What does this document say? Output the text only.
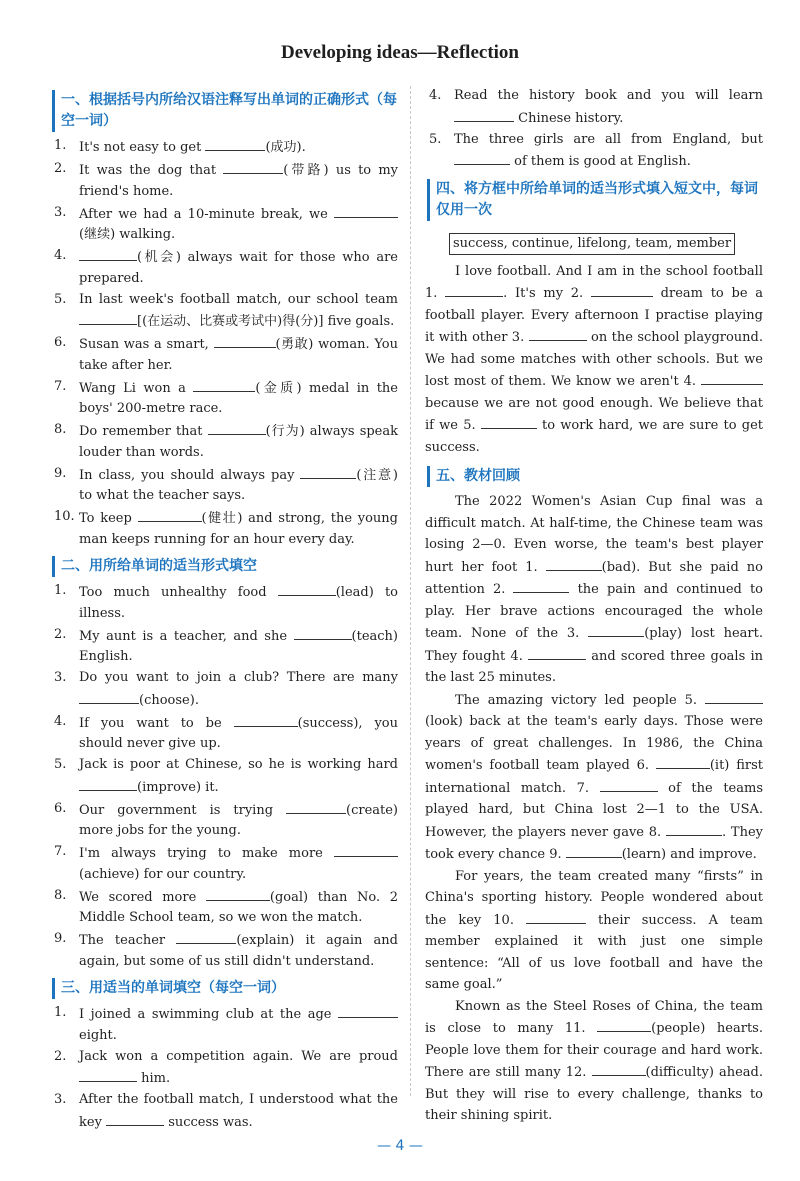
Developing ideas—Reflection
一、根据括号内所给汉语注释写出单词的正确形式（每空一词）
1. It's not easy to get	(成功).
2. It was the dog that	(带路) us to my friend's home.
3. After we had a 10-minute break, we (继续) walking.
4.	(机会) always wait for those who are prepared.
5. In last week's football match, our school team [(在运动、比赛或考试中)得(分)] five goals.
6. Susan was a smart,	(勇敢) woman. You take after her.
7. Wang Li won a	(金质) medal in the boys' 200-metre race.
8. Do remember that	(行为) always speak louder than words.
9. In class, you should always pay	(注意) to what the teacher says.
10. To keep	(健壮) and strong, the young man keeps running for an hour every day.
二、用所给单词的适当形式填空
1. Too much unhealthy food	(lead) to illness.
2. My aunt is a teacher, and she	(teach) English.
3. Do you want to join a club? There are many (choose).
4. If you want to be	(success), you should never give up.
5. Jack is poor at Chinese, so he is working hard (improve) it.
6. Our government is trying	(create) more jobs for the young.
7. I'm always trying to make more (achieve) for our country.
8. We scored more	(goal) than No. 2 Middle School team, so we won the match.
9. The teacher	(explain) it again and again, but some of us still didn't understand.
三、用适当的单词填空（每空一词）
1. I joined a swimming club at the age  eight.
2. Jack won a competition again. We are proud  him.
3. After the football match, I understood what the key	success was.
4. Read the history book and you will learn  Chinese history.
5. The three girls are all from England, but  of them is good at English.
四、将方框中所给单词的适当形式填入短文中，每词仅用一次
success, continue, lifelong, team, member
I love football. And I am in the school football 1.	. It's my 2.	dream to be a football player. Every afternoon I practise playing it with other 3.	on the school playground. We had some matches with other schools. But we lost most of them. We know we aren't 4.  because we are not good enough. We believe that if we 5.	to work hard, we are sure to get success.
五、教材回顾
The 2022 Women's Asian Cup final was a difficult match. At half-time, the Chinese team was losing 2—0. Even worse, the team's best player hurt her foot 1.	(bad). But she paid no attention 2.	the pain and continued to play. Her brave actions encouraged the whole team. None of the 3.	(play) lost heart. They fought 4.	and scored three goals in the last 25 minutes.
The amazing victory led people 5. (look) back at the team's early days. Those were years of great challenges. In 1986, the China women's football team played 6.	(it) first international match. 7.	of the teams played hard, but China lost 2—1 to the USA. However, the players never gave 8.	. They took every chance 9.	(learn) and improve.
For years, the team created many “firsts” in China's sporting history. People wondered about the key 10.	their success. A team member explained it with just one simple sentence: “All of us love football and have the same goal.”
Known as the Steel Roses of China, the team is close to many 11.	(people) hearts. People love them for their courage and hard work. There are still many 12.	(difficulty) ahead. But they will rise to every challenge, thanks to their shining spirit.
— 4 —
